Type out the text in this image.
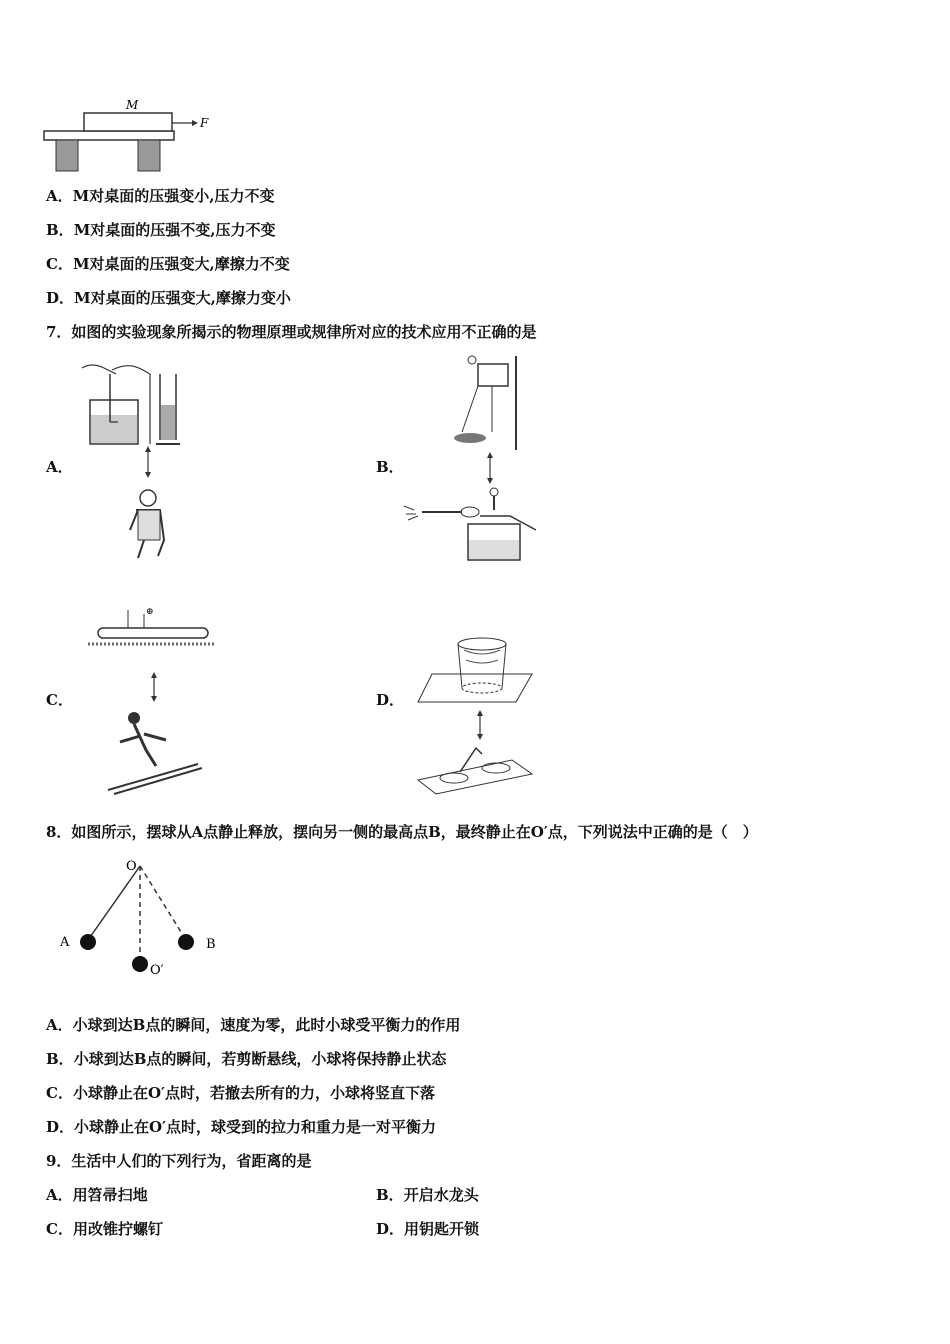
M
F
A．M对桌面的压强变小,压力不变
B．M对桌面的压强不变,压力不变
C．M对桌面的压强变大,摩擦力不变
D．M对桌面的压强变大,摩擦力变小
7．如图的实验现象所揭示的物理原理或规律所对应的技术应用不正确的是
A．	B．
C．	D．
⊕
8．如图所示，摆球从A点静止释放，摆向另一侧的最高点B，最终静止在O′点，下列说法中正确的是（　）
O
A	B
O′
A．小球到达B点的瞬间，速度为零，此时小球受平衡力的作用
B．小球到达B点的瞬间，若剪断悬线，小球将保持静止状态
C．小球静止在O′点时，若撤去所有的力，小球将竖直下落
D．小球静止在O′点时，球受到的拉力和重力是一对平衡力
9．生活中人们的下列行为，省距离的是
A．用笤帚扫地	B．开启水龙头
C．用改锥拧螺钉	D．用钥匙开锁
